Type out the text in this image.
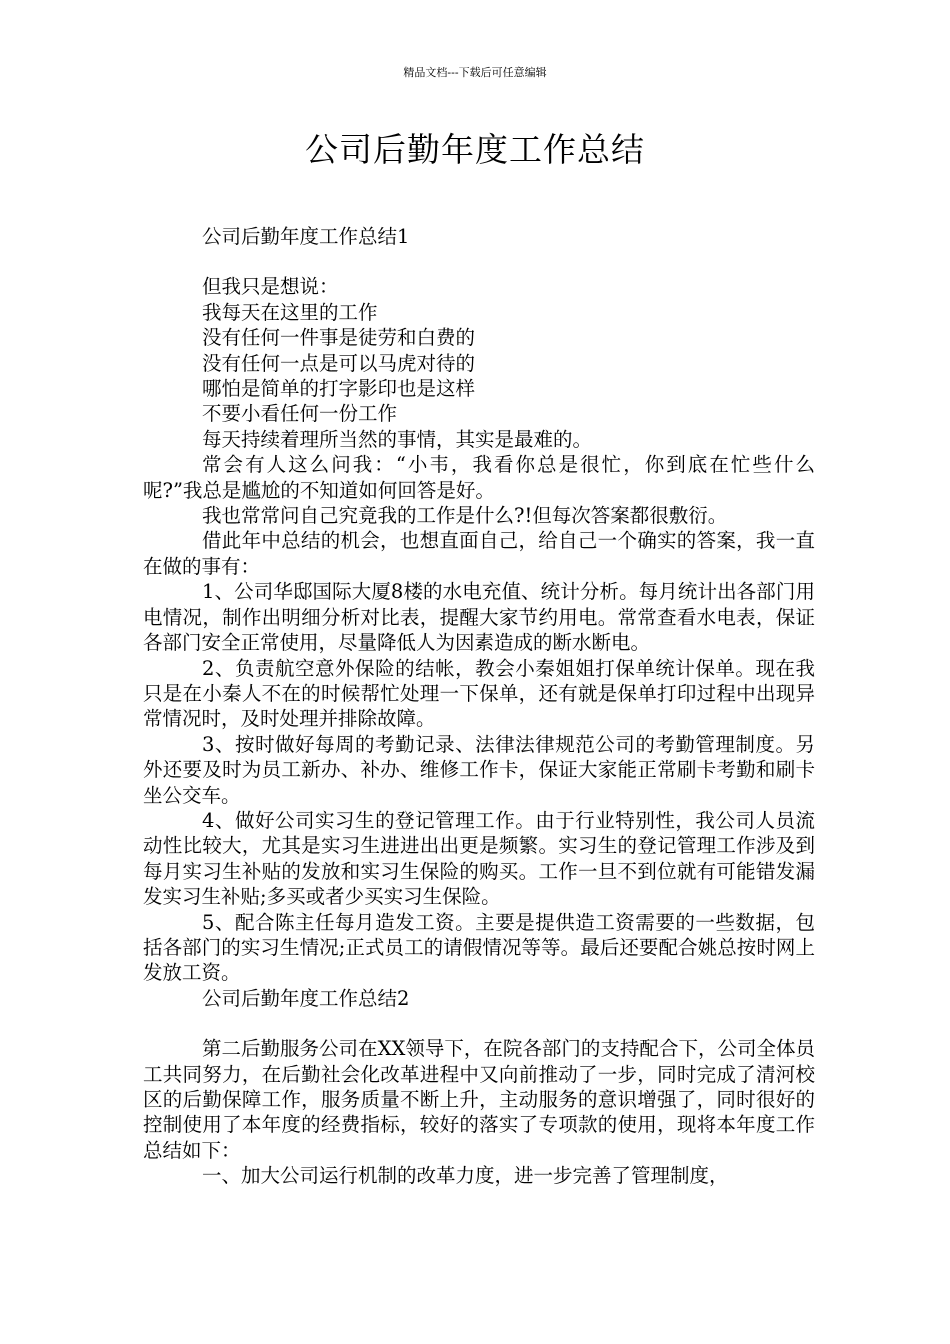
精品文档---下载后可任意编辑
公司后勤年度工作总结

公司后勤年度工作总结1

但我只是想说：

我每天在这里的工作

没有任何一件事是徒劳和白费的

没有任何一点是可以马虎对待的

哪怕是简单的打字影印也是这样

不要小看任何一份工作

每天持续着理所当然的事情，其实是最难的。

常会有人这么问我：“小韦，我看你总是很忙，你到底在忙些什么呢?”我总是尴尬的不知道如何回答是好。

我也常常问自己究竟我的工作是什么?!但每次答案都很敷衍。

借此年中总结的机会，也想直面自己，给自己一个确实的答案，我一直在做的事有：

1、公司华邸国际大厦8楼的水电充值、统计分析。每月统计出各部门用电情况，制作出明细分析对比表，提醒大家节约用电。常常查看水电表，保证各部门安全正常使用，尽量降低人为因素造成的断水断电。

2、负责航空意外保险的结帐，教会小秦姐姐打保单统计保单。现在我只是在小秦人不在的时候帮忙处理一下保单，还有就是保单打印过程中出现异常情况时，及时处理并排除故障。

3、按时做好每周的考勤记录、法律法律规范公司的考勤管理制度。另外还要及时为员工新办、补办、维修工作卡，保证大家能正常刷卡考勤和刷卡坐公交车。

4、做好公司实习生的登记管理工作。由于行业特别性，我公司人员流动性比较大，尤其是实习生进进出出更是频繁。实习生的登记管理工作涉及到每月实习生补贴的发放和实习生保险的购买。工作一旦不到位就有可能错发漏发实习生补贴;多买或者少买实习生保险。

5、配合陈主任每月造发工资。主要是提供造工资需要的一些数据，包括各部门的实习生情况;正式员工的请假情况等等。最后还要配合姚总按时网上发放工资。

公司后勤年度工作总结2

第二后勤服务公司在XX领导下，在院各部门的支持配合下，公司全体员工共同努力，在后勤社会化改革进程中又向前推动了一步，同时完成了清河校区的后勤保障工作，服务质量不断上升，主动服务的意识增强了，同时很好的控制使用了本年度的经费指标，较好的落实了专项款的使用，现将本年度工作总结如下：

一、加大公司运行机制的改革力度，进一步完善了管理制度，
